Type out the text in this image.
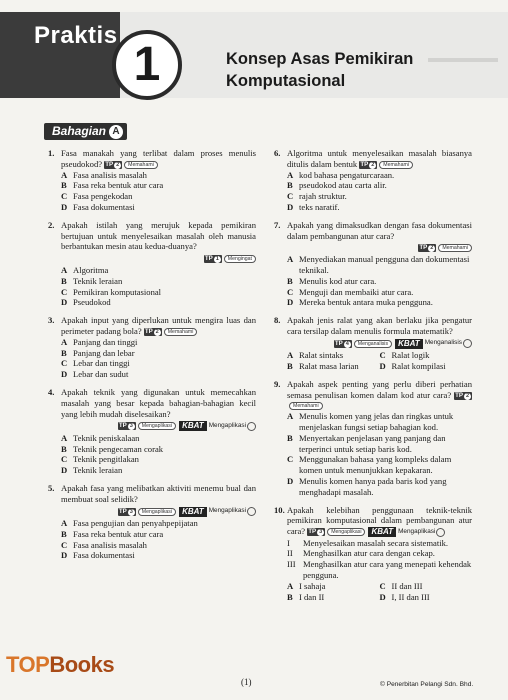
Praktis
1	Konsep Asas Pemikiran
Komputasional
Bahagian A
1. Fasa manakah yang terlibat dalam proses menulis pseudokod? TP 2 Memahami
A Fasa analisis masalah
B Fasa reka bentuk atur cara
C Fasa pengekodan
D Fasa dokumentasi
2. Apakah istilah yang merujuk kepada pemikiran bertujuan untuk menyelesaikan masalah oleh manusia berbantukan mesin atau kedua-duanya?
TP 1 Mengingat
A Algoritma
B Teknik leraian
C Pemikiran komputasional
D Pseudokod
3. Apakah input yang diperlukan untuk mengira luas dan perimeter padang bola? TP 2 Memahami
A Panjang dan tinggi
B Panjang dan lebar
C Lebar dan tinggi
D Lebar dan sudut
4. Apakah teknik yang digunakan untuk memecahkan masalah yang besar kepada bahagian-bahagian kecil yang lebih mudah diselesaikan?
TP 3 Mengaplikasi KBAT Mengaplikasi
A Teknik peniskalaan
B Teknik pengecaman corak
C Teknik pengitlakan
D Teknik leraian
5. Apakah fasa yang melibatkan aktiviti menemu bual dan membuat soal selidik?
TP 3 Mengaplikasi KBAT Mengaplikasi
A Fasa pengujian dan penyahpepijatan
B Fasa reka bentuk atur cara
C Fasa analisis masalah
D Fasa dokumentasi
6. Algoritma untuk menyelesaikan masalah biasanya ditulis dalam bentuk TP 2 Memahami
A kod bahasa pengaturcaraan.
B pseudokod atau carta alir.
C rajah struktur.
D teks naratif.
7. Apakah yang dimaksudkan dengan fasa dokumentasi dalam pembangunan atur cara?
TP 2 Memahami
A Menyediakan manual pengguna dan dokumentasi teknikal.
B Menulis kod atur cara.
C Menguji dan membaiki atur cara.
D Mereka bentuk antara muka pengguna.
8. Apakah jenis ralat yang akan berlaku jika pengatur cara tersilap dalam menulis formula matematik?
TP 4 Menganalisis KBAT Menganalisis
A Ralat sintaks	C Ralat logik
B Ralat masa larian D Ralat kompilasi
9. Apakah aspek penting yang perlu diberi perhatian semasa penulisan komen dalam kod atur cara? TP 2Memahami
A Menulis komen yang jelas dan ringkas untuk menjelaskan fungsi setiap bahagian kod.
B Menyertakan penjelasan yang panjang dan terperinci untuk setiap baris kod.
C Menggunakan bahasa yang kompleks dalam komen untuk menunjukkan kepakaran.
D Menulis komen hanya pada baris kod yang menghadapi masalah.
10. Apakah kelebihan penggunaan teknik-teknik pemikiran komputasional dalam pembangunan atur cara? TP 3 Mengaplikasi KBAT Mengaplikasi
I	Menyelesaikan masalah secara sistematik.
II	Menghasilkan atur cara dengan cekap.
III Menghasilkan atur cara yang menepati kehendak pengguna.
A I sahaja	C II dan III
B I dan II	D I, II dan III
TOPBooks
(1)	© Penerbitan Pelangi Sdn. Bhd.
